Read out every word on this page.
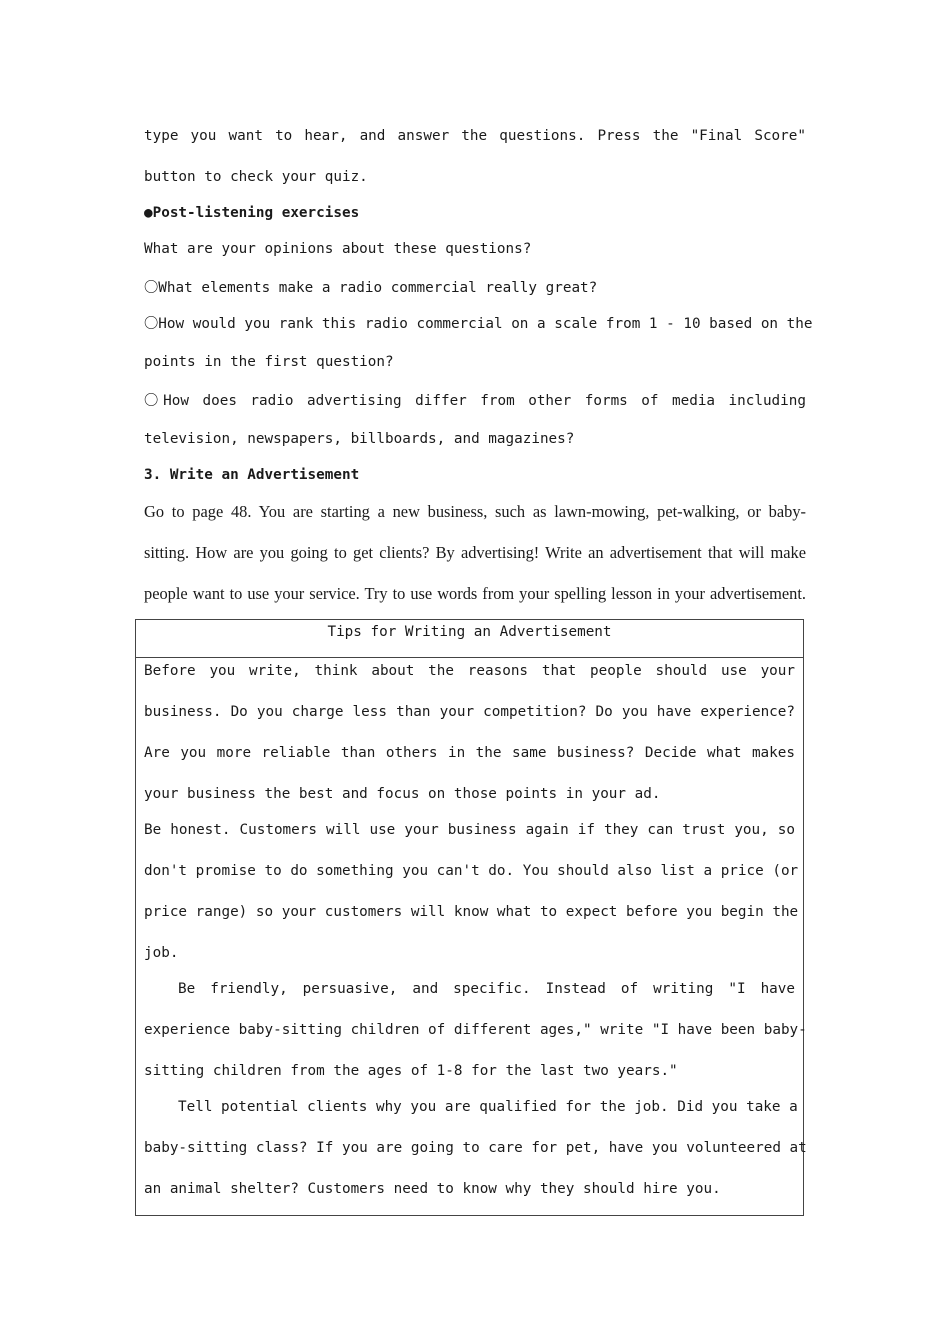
type you want to hear, and answer the questions. Press the "Final Score"
button to check your quiz.
●Post-listening exercises
What are your opinions about these questions?
〇What elements make a radio commercial really great?
〇How would you rank this radio commercial on a scale from 1 - 10 based on the
points in the first question?
〇How does radio advertising differ from other forms of media including
television, newspapers, billboards, and magazines?
3. Write an Advertisement
Go to page 48. You are starting a new business, such as lawn-mowing, pet-walking, or baby-
sitting. How are you going to get clients? By advertising! Write an advertisement that will make
people want to use your service. Try to use words from your spelling lesson in your advertisement.
Tips for Writing an Advertisement
Before you write, think about the reasons that people should use your
business. Do you charge less than your competition? Do you have experience?
Are you more reliable than others in the same business? Decide what makes
your business the best and focus on those points in your ad.
Be honest. Customers will use your business again if they can trust you, so
don't promise to do something you can't do. You should also list a price (or
price range) so your customers will know what to expect before you begin the
job.
Be friendly, persuasive, and specific. Instead of writing "I have
experience baby-sitting children of different ages," write "I have been baby-
sitting children from the ages of 1-8 for the last two years."
Tell potential clients why you are qualified for the job. Did you take a
baby-sitting class? If you are going to care for pet, have you volunteered at
an animal shelter? Customers need to know why they should hire you.
